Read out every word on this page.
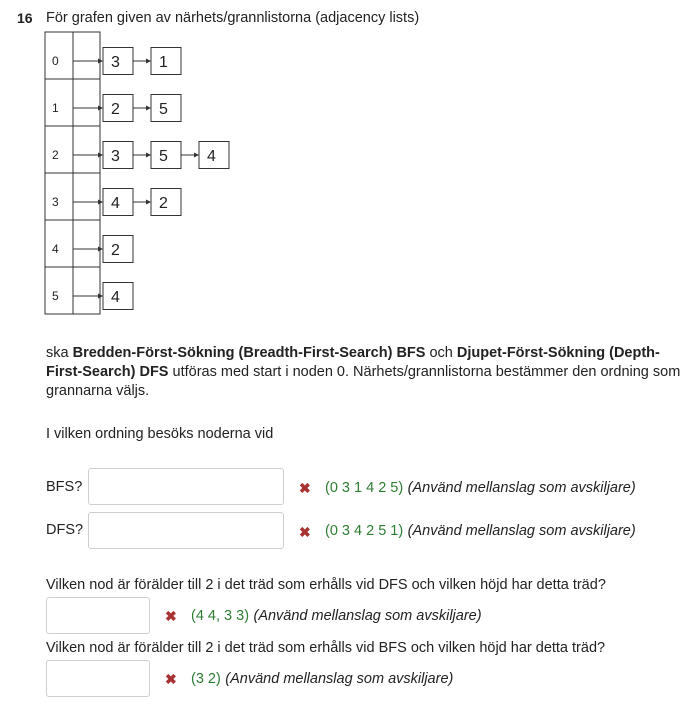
16 För grafen given av närhets/grannlistorna (adjacency lists)
0	3 1
1	2 5
2	3 5 4
3	4 2
4	2
5	4
ska Bredden-Först-Sökning (Breadth-First-Search) BFS och Djupet-Först-Sökning (Depth-First-Search) DFS utföras med start i noden 0. Närhets/grannlistorna bestämmer den ordning som grannarna väljs.
I vilken ordning besöks noderna vid
BFS?	✖ (0 3 1 4 2 5) (Använd mellanslag som avskiljare)
DFS?	✖ (0 3 4 2 5 1) (Använd mellanslag som avskiljare)
Vilken nod är förälder till 2 i det träd som erhålls vid DFS och vilken höjd har detta träd?
✖ (4 4, 3 3) (Använd mellanslag som avskiljare)
Vilken nod är förälder till 2 i det träd som erhålls vid BFS och vilken höjd har detta träd?
✖ (3 2) (Använd mellanslag som avskiljare)
